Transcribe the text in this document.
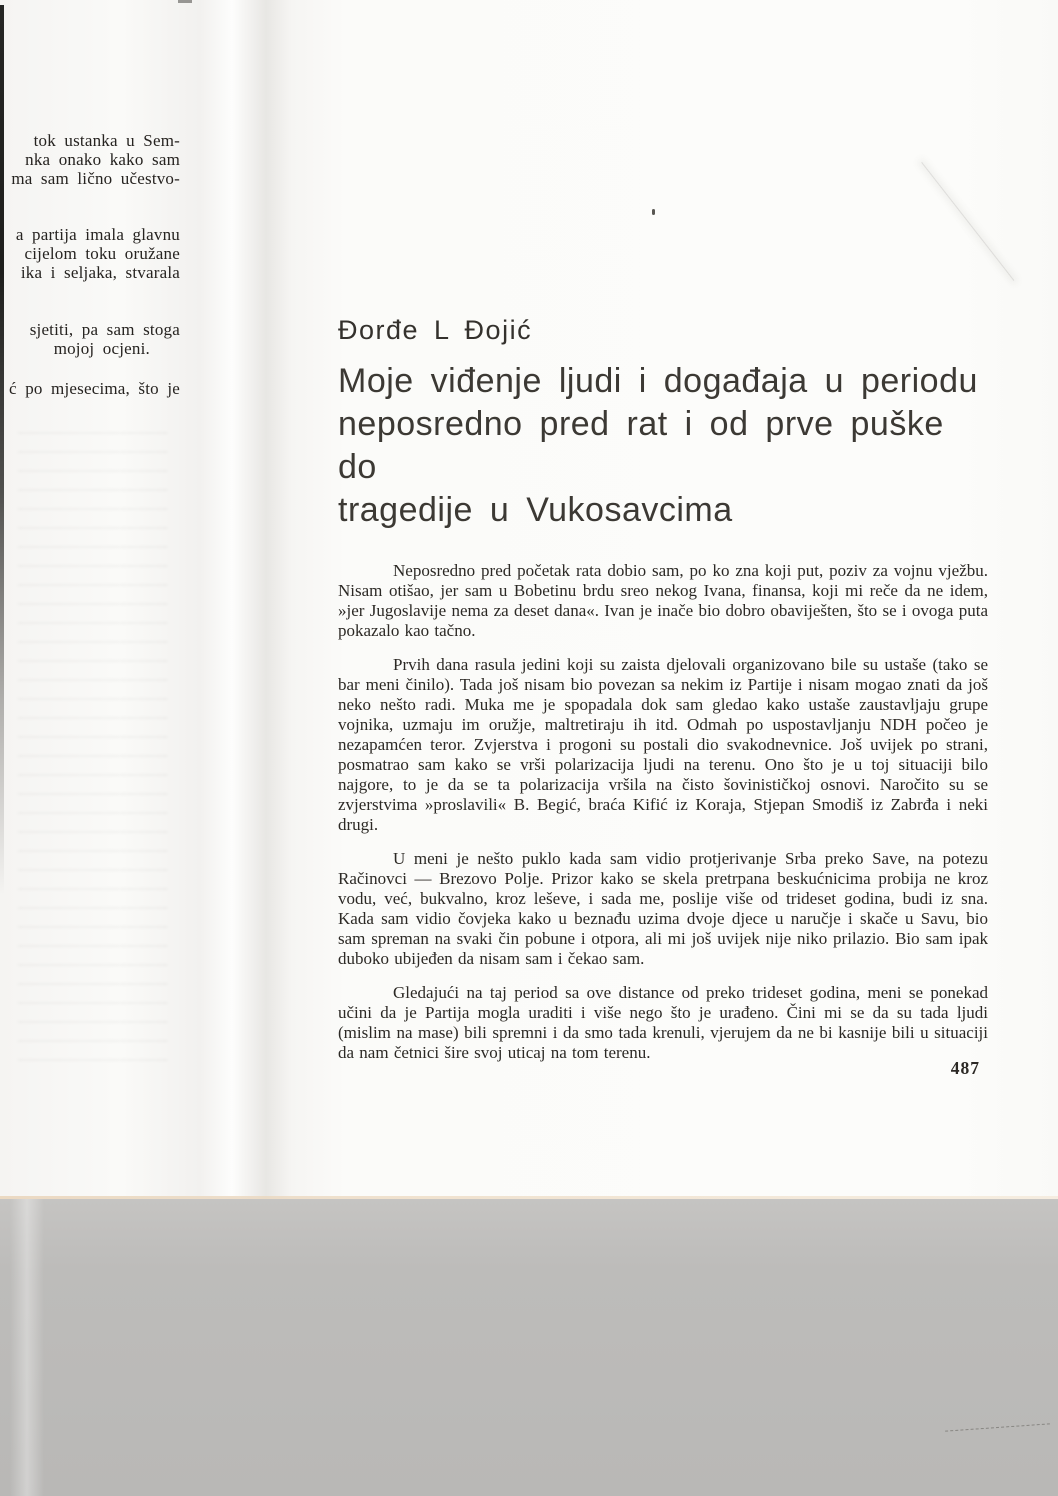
tok ustanka u Sem-
nka onako kako sam
ma sam lično učestvo-
a partija imala glavnu
cijelom toku oružane
ika i seljaka, stvarala
sjetiti, pa sam stoga
mojoj ocjeni.
ć po mjesecima, što je
Đorđe L Đojić
Moje viđenje ljudi i događaja u periodu
neposredno pred rat i od prve puške do
tragedije u Vukosavcima

Neposredno pred početak rata dobio sam, po ko zna koji put, poziv za vojnu vježbu. Nisam otišao, jer sam u Bobetinu brdu sreo nekog Ivana, finansa, koji mi reče da ne idem, »jer Jugoslavije nema za deset dana«. Ivan je inače bio dobro obaviješten, što se i ovoga puta pokazalo kao tačno.

Prvih dana rasula jedini koji su zaista djelovali organizovano bile su ustaše (tako se bar meni činilo). Tada još nisam bio povezan sa nekim iz Partije i nisam mogao znati da još neko nešto radi. Muka me je spopadala dok sam gledao kako ustaše zaustavljaju grupe vojnika, uzmaju im oružje, maltretiraju ih itd. Odmah po uspostavljanju NDH počeo je nezapamćen teror. Zvjerstva i progoni su postali dio svakodnevnice. Još uvijek po strani, posmatrao sam kako se vrši polarizacija ljudi na terenu. Ono što je u toj situaciji bilo najgore, to je da se ta polarizacija vršila na čisto šovinističkoj osnovi. Naročito su se zvjerstvima »proslavili« B. Begić, braća Kifić iz Koraja, Stjepan Smodiš iz Zabrđa i neki drugi.

U meni je nešto puklo kada sam vidio protjerivanje Srba preko Save, na potezu Račinovci — Brezovo Polje. Prizor kako se skela pretrpana beskućnicima probija ne kroz vodu, već, bukvalno, kroz leševe, i sada me, poslije više od trideset godina, budi iz sna. Kada sam vidio čovjeka kako u beznađu uzima dvoje djece u naručje i skače u Savu, bio sam spreman na svaki čin pobune i otpora, ali mi još uvijek nije niko prilazio. Bio sam ipak duboko ubijeđen da nisam sam i čekao sam.

Gledajući na taj period sa ove distance od preko trideset godina, meni se ponekad učini da je Partija mogla uraditi i više nego što je urađeno. Čini mi se da su tada ljudi (mislim na mase) bili spremni i da smo tada krenuli, vjerujem da ne bi kasnije bili u situaciji da nam četnici šire svoj uticaj na tom terenu.

487
